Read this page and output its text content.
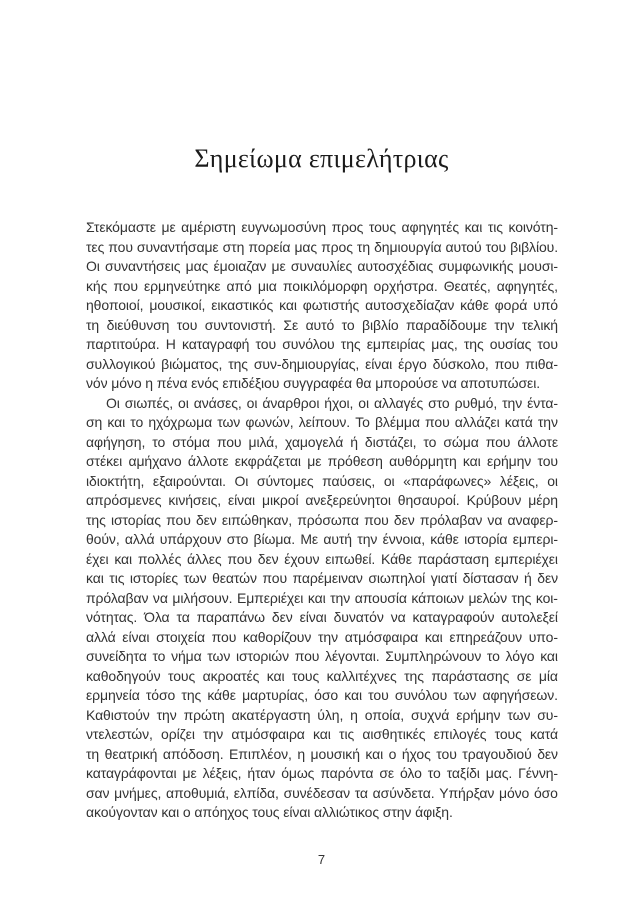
Σημείωμα επιμελήτριας
Στεκόμαστε με αμέριστη ευγνωμοσύνη προς τους αφηγητές και τις κοινότη-
τες που συναντήσαμε στη πορεία μας προς τη δημιουργία αυτού του βιβλίου.
Οι συναντήσεις μας έμοιαζαν με συναυλίες αυτοσχέδιας συμφωνικής μουσι-
κής που ερμηνεύτηκε από μια ποικιλόμορφη ορχήστρα. Θεατές, αφηγητές,
ηθοποιοί, μουσικοί, εικαστικός και φωτιστής αυτοσχεδίαζαν κάθε φορά υπό
τη διεύθυνση του συντονιστή. Σε αυτό το βιβλίο παραδίδουμε την τελική
παρτιτούρα. Η καταγραφή του συνόλου της εμπειρίας μας, της ουσίας του
συλλογικού βιώματος, της συν-δημιουργίας, είναι έργο δύσκολο, που πιθα-
νόν μόνο η πένα ενός επιδέξιου συγγραφέα θα μπορούσε να αποτυπώσει.
Οι σιωπές, οι ανάσες, οι άναρθροι ήχοι, οι αλλαγές στο ρυθμό, την έντα-
ση και το ηχόχρωμα των φωνών, λείπουν. Το βλέμμα που αλλάζει κατά την
αφήγηση, το στόμα που μιλά, χαμογελά ή διστάζει, το σώμα που άλλοτε
στέκει αμήχανο άλλοτε εκφράζεται με πρόθεση αυθόρμητη και ερήμην του
ιδιοκτήτη, εξαιρούνται. Οι σύντομες παύσεις, οι «παράφωνες» λέξεις, οι
απρόσμενες κινήσεις, είναι μικροί ανεξερεύνητοι θησαυροί. Κρύβουν μέρη
της ιστορίας που δεν ειπώθηκαν, πρόσωπα που δεν πρόλαβαν να αναφερ-
θούν, αλλά υπάρχουν στο βίωμα. Με αυτή την έννοια, κάθε ιστορία εμπερι-
έχει και πολλές άλλες που δεν έχουν ειπωθεί. Κάθε παράσταση εμπεριέχει
και τις ιστορίες των θεατών που παρέμειναν σιωπηλοί γιατί δίστασαν ή δεν
πρόλαβαν να μιλήσουν. Εμπεριέχει και την απουσία κάποιων μελών της κοι-
νότητας. Όλα τα παραπάνω δεν είναι δυνατόν να καταγραφούν αυτολεξεί
αλλά είναι στοιχεία που καθορίζουν την ατμόσφαιρα και επηρεάζουν υπο-
συνείδητα το νήμα των ιστοριών που λέγονται. Συμπληρώνουν το λόγο και
καθοδηγούν τους ακροατές και τους καλλιτέχνες της παράστασης σε μία
ερμηνεία τόσο της κάθε μαρτυρίας, όσο και του συνόλου των αφηγήσεων.
Καθιστούν την πρώτη ακατέργαστη ύλη, η οποία, συχνά ερήμην των συ-
ντελεστών, ορίζει την ατμόσφαιρα και τις αισθητικές επιλογές τους κατά
τη θεατρική απόδοση. Επιπλέον, η μουσική και ο ήχος του τραγουδιού δεν
καταγράφονται με λέξεις, ήταν όμως παρόντα σε όλο το ταξίδι μας. Γέννη-
σαν μνήμες, αποθυμιά, ελπίδα, συνέδεσαν τα ασύνδετα. Υπήρξαν μόνο όσο
ακούγονταν και ο απόηχος τους είναι αλλιώτικος στην άφιξη.
7
